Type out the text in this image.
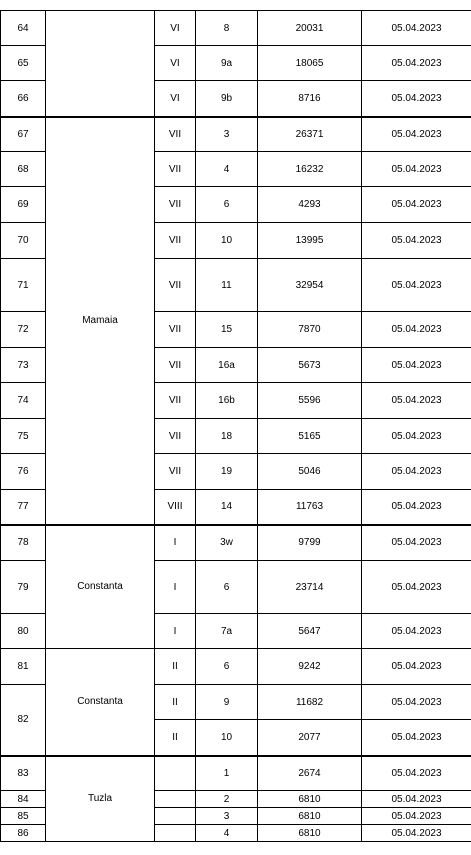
64		VI	8	20031	05.04.2023
65		VI	9a	18065	05.04.2023
66		VI	9b	8716	05.04.2023
67	Mamaia	VII	3	26371	05.04.2023
68		VII	4	16232	05.04.2023
69		VII	6	4293	05.04.2023
70		VII	10	13995	05.04.2023
71		VII	11	32954	05.04.2023
72		VII	15	7870	05.04.2023
73		VII	16a	5673	05.04.2023
74		VII	16b	5596	05.04.2023
75		VII	18	5165	05.04.2023
76		VII	19	5046	05.04.2023
77		VIII	14	11763	05.04.2023
78	Constanta	I	3w	9799	05.04.2023
79		I	6	23714	05.04.2023
80		I	7a	5647	05.04.2023
81	Constanta	II	6	9242	05.04.2023
82		II	9	11682	05.04.2023
		II	10	2077	05.04.2023
83	Tuzla		1	2674	05.04.2023
84			2	6810	05.04.2023
85			3	6810	05.04.2023
86			4	6810	05.04.2023
